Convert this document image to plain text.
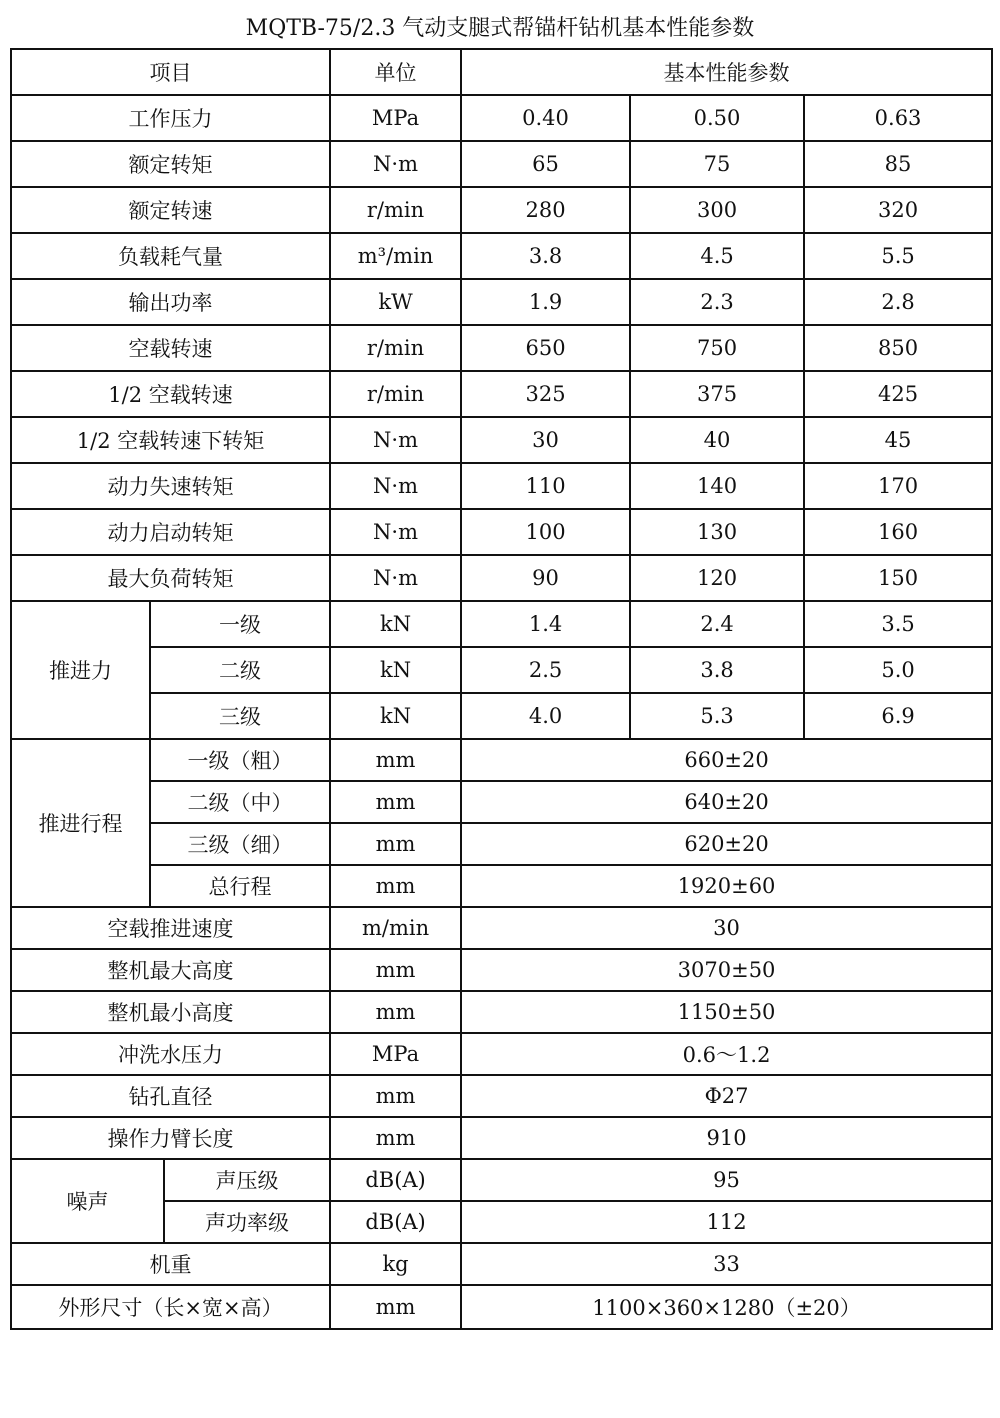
MQTB-75/2.3 气动支腿式帮锚杆钻机基本性能参数
项目			单位	基本性能参数		
工作压力			MPa	0.40	0.50	0.63
额定转矩			N·m	65	75	85
额定转速			r/min	280	300	320
负载耗气量			m³/min	3.8	4.5	5.5
输出功率			kW	1.9	2.3	2.8
空载转速			r/min	650	750	850
1/2 空载转速			r/min	325	375	425
1/2 空载转速下转矩			N·m	30	40	45
动力失速转矩			N·m	110	140	170
动力启动转矩			N·m	100	130	160
最大负荷转矩			N·m	90	120	150
推进力	一级		kN	1.4	2.4	3.5
	二级		kN	2.5	3.8	5.0
	三级		kN	4.0	5.3	6.9
推进行程	一级（粗）		mm	660±20		
	二级（中）		mm	640±20		
	三级（细）		mm	620±20		
	总行程		mm	1920±60		
空载推进速度			m/min	30		
整机最大高度			mm	3070±50		
整机最小高度			mm	1150±50		
冲洗水压力			MPa	0.6～1.2		
钻孔直径			mm	Φ27		
操作力臂长度			mm	910		
噪声		声压级	dB(A)	95		
		声功率级	dB(A)	112		
机重			kg	33		
外形尺寸（长×宽×高）			mm	1100×360×1280（±20）		
